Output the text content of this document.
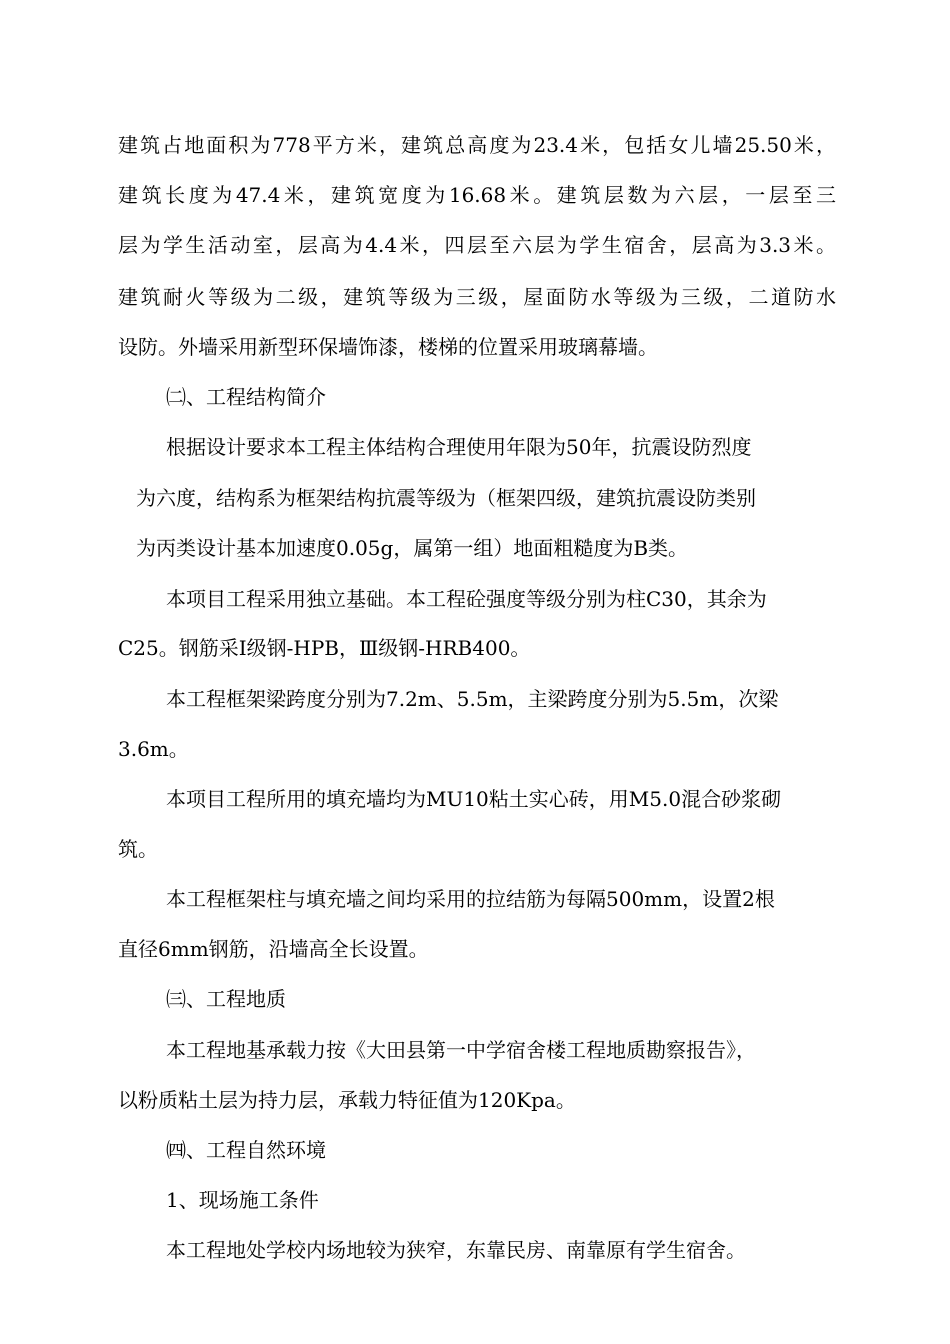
建筑占地面积为778平方米，建筑总高度为23.4米，包括女儿墙25.50米，
建筑长度为47.4米，建筑宽度为16.68米。建筑层数为六层，一层至三
层为学生活动室，层高为4.4米，四层至六层为学生宿舍，层高为3.3米。
建筑耐火等级为二级，建筑等级为三级，屋面防水等级为三级，二道防水
设防。外墙采用新型环保墙饰漆，楼梯的位置采用玻璃幕墙。
㈡、工程结构简介
根据设计要求本工程主体结构合理使用年限为50年，抗震设防烈度
为六度，结构系为框架结构抗震等级为（框架四级，建筑抗震设防类别
为丙类设计基本加速度0.05g，属第一组）地面粗糙度为B类。
本项目工程采用独立基础。本工程砼强度等级分别为柱C30，其余为
C25。钢筋采Ⅰ级钢-HPB，Ⅲ级钢-HRB400。
本工程框架梁跨度分别为7.2m、5.5m，主梁跨度分别为5.5m，次梁
3.6m。
本项目工程所用的填充墙均为MU10粘土实心砖，用M5.0混合砂浆砌
筑。
本工程框架柱与填充墙之间均采用的拉结筋为每隔500mm，设置2根
直径6mm钢筋，沿墙高全长设置。
㈢、工程地质
本工程地基承载力按《大田县第一中学宿舍楼工程地质勘察报告》，
以粉质粘土层为持力层，承载力特征值为120Kpa。
㈣、工程自然环境
1、现场施工条件
本工程地处学校内场地较为狭窄，东靠民房、南靠原有学生宿舍。
